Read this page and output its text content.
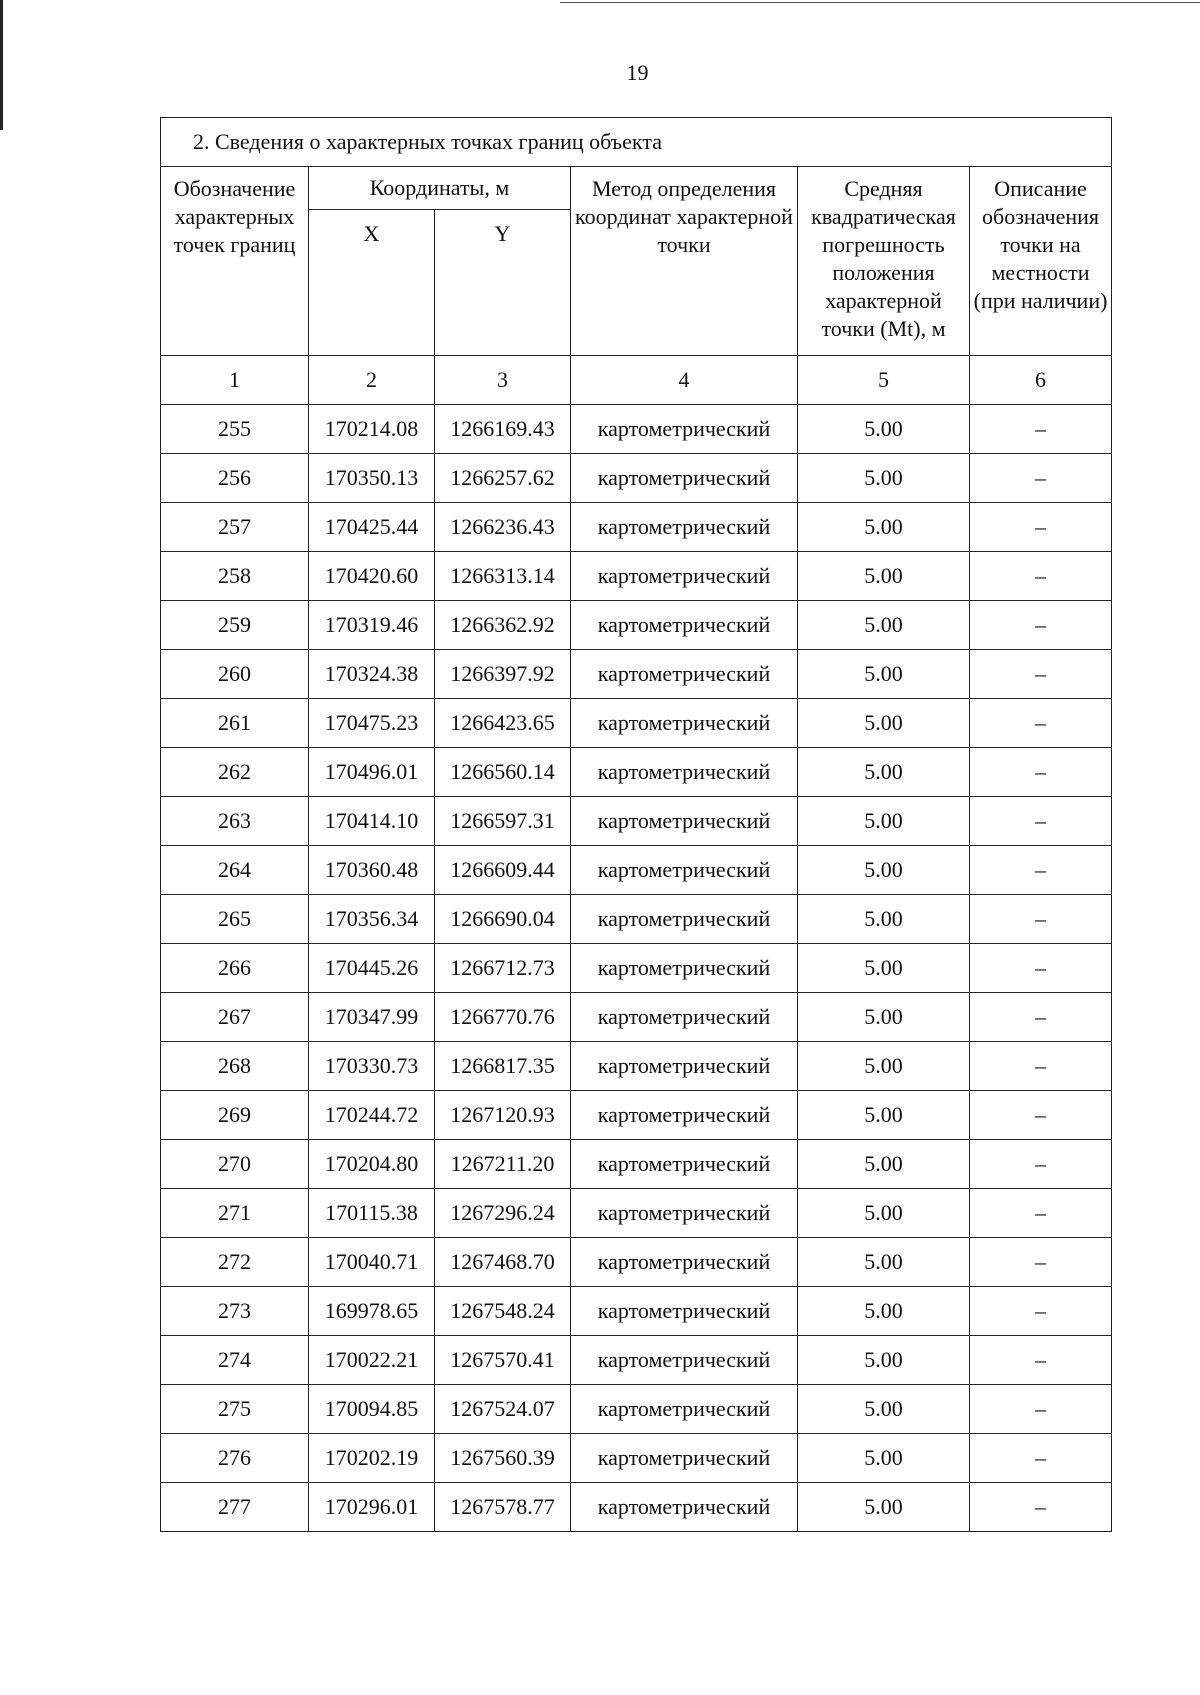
19
2. Сведения о характерных точках границ объекта					
Обозначение характерных точек границ	Координаты, м		Метод определения координат характерной точки	Средняя квадратическая погрешность положения характерной точки (Mt), м	Описание обозначения точки на местности (при наличии)
	X	Y			
1	2	3	4	5	6
255	170214.08	1266169.43	картометрический	5.00	–
256	170350.13	1266257.62	картометрический	5.00	–
257	170425.44	1266236.43	картометрический	5.00	–
258	170420.60	1266313.14	картометрический	5.00	–
259	170319.46	1266362.92	картометрический	5.00	–
260	170324.38	1266397.92	картометрический	5.00	–
261	170475.23	1266423.65	картометрический	5.00	–
262	170496.01	1266560.14	картометрический	5.00	–
263	170414.10	1266597.31	картометрический	5.00	–
264	170360.48	1266609.44	картометрический	5.00	–
265	170356.34	1266690.04	картометрический	5.00	–
266	170445.26	1266712.73	картометрический	5.00	–
267	170347.99	1266770.76	картометрический	5.00	–
268	170330.73	1266817.35	картометрический	5.00	–
269	170244.72	1267120.93	картометрический	5.00	–
270	170204.80	1267211.20	картометрический	5.00	–
271	170115.38	1267296.24	картометрический	5.00	–
272	170040.71	1267468.70	картометрический	5.00	–
273	169978.65	1267548.24	картометрический	5.00	–
274	170022.21	1267570.41	картометрический	5.00	–
275	170094.85	1267524.07	картометрический	5.00	–
276	170202.19	1267560.39	картометрический	5.00	–
277	170296.01	1267578.77	картометрический	5.00	–
